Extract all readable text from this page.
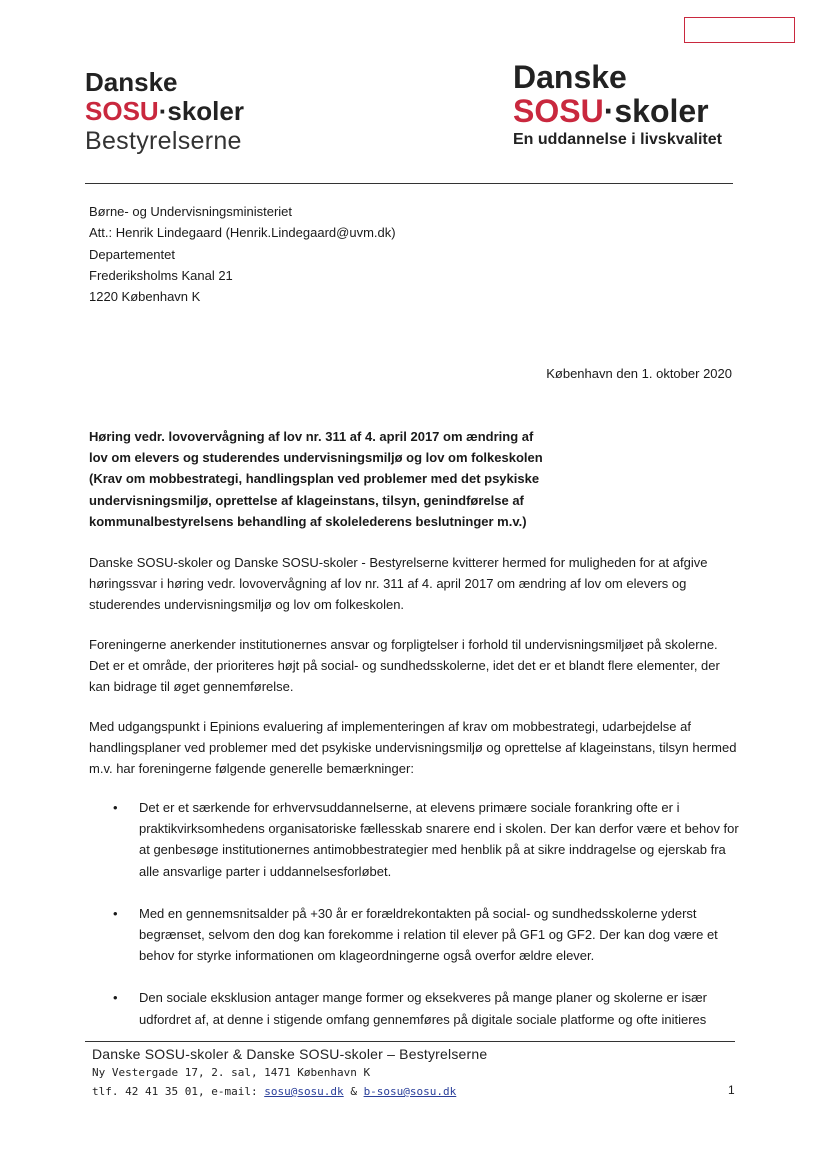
Danske
SOSU·skoler
Bestyrelserne
Danske
SOSU·skoler
En uddannelse i livskvalitet
Børne- og Undervisningsministeriet
Att.: Henrik Lindegaard (Henrik.Lindegaard@uvm.dk)
Departementet
Frederiksholms Kanal 21
1220 København K
København den 1. oktober 2020
Høring vedr. lovovervågning af lov nr. 311 af 4. april 2017 om ændring af lov om elevers og studerendes undervisningsmiljø og lov om folkeskolen (Krav om mobbestrategi, handlingsplan ved problemer med det psykiske undervisningsmiljø, oprettelse af klageinstans, tilsyn, genindførelse af kommunalbestyrelsens behandling af skolelederens beslutninger m.v.)
Danske SOSU-skoler og Danske SOSU-skoler - Bestyrelserne kvitterer hermed for muligheden for at afgive høringssvar i høring vedr. lovovervågning af lov nr. 311 af 4. april 2017 om ændring af lov om elevers og studerendes undervisningsmiljø og lov om folkeskolen.
Foreningerne anerkender institutionernes ansvar og forpligtelser i forhold til undervisningsmiljøet på skolerne. Det er et område, der prioriteres højt på social- og sundhedsskolerne, idet det er et blandt flere elementer, der kan bidrage til øget gennemførelse.
Med udgangspunkt i Epinions evaluering af implementeringen af krav om mobbestrategi, udarbejdelse af handlingsplaner ved problemer med det psykiske undervisningsmiljø og oprettelse af klageinstans, tilsyn hermed m.v. har foreningerne følgende generelle bemærkninger:
• Det er et særkende for erhvervsuddannelserne, at elevens primære sociale forankring ofte er i praktikvirksomhedens organisatoriske fællesskab snarere end i skolen. Der kan derfor være et behov for at genbesøge institutionernes antimobbestrategier med henblik på at sikre inddragelse og ejerskab fra alle ansvarlige parter i uddannelsesforløbet.
• Med en gennemsnitsalder på +30 år er forældrekontakten på social- og sundhedsskolerne yderst begrænset, selvom den dog kan forekomme i relation til elever på GF1 og GF2. Der kan dog være et behov for styrke informationen om klageordningerne også overfor ældre elever.
• Den sociale eksklusion antager mange former og eksekveres på mange planer og skolerne er især udfordret af, at denne i stigende omfang gennemføres på digitale sociale platforme og ofte initieres
Danske SOSU-skoler & Danske SOSU-skoler – Bestyrelserne
Ny Vestergade 17, 2. sal, 1471 København K
tlf. 42 41 35 01, e-mail: sosu@sosu.dk & b-sosu@sosu.dk	1
